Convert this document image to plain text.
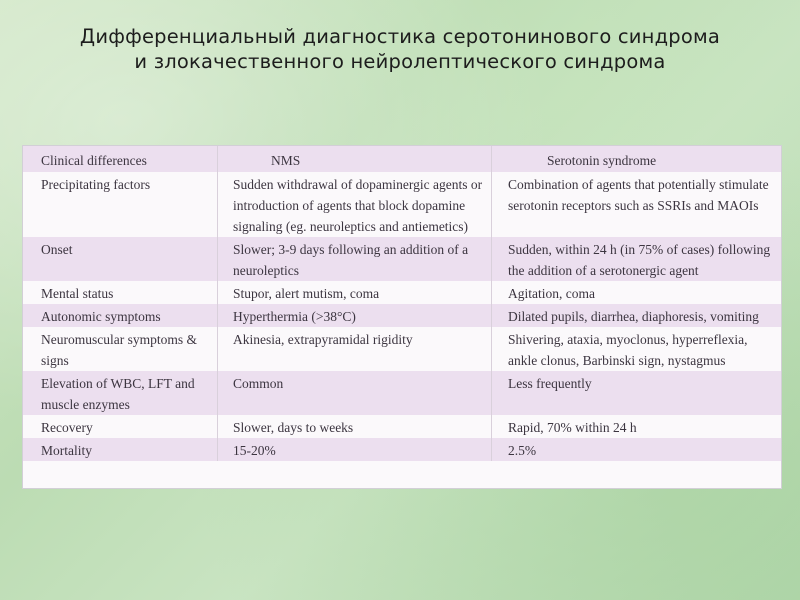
Дифференциальный диагностика серотонинового синдрома
и злокачественного нейролептического синдрома
Clinical differences	NMS	Serotonin syndrome
Precipitating factors	Sudden withdrawal of dopaminergic agents or introduction of agents that block dopamine signaling (eg. neuroleptics and antiemetics)	Combination of agents that potentially stimulate serotonin receptors such as SSRIs and MAOIs
Onset	Slower; 3-9 days following an addition of a neuroleptics	Sudden, within 24 h (in 75% of cases) following the addition of a serotonergic agent
Mental status	Stupor, alert mutism, coma	Agitation, coma
Autonomic symptoms	Hyperthermia (>38°C)	Dilated pupils, diarrhea, diaphoresis, vomiting
Neuromuscular symptoms & signs	Akinesia, extrapyramidal rigidity	Shivering, ataxia, myoclonus, hyperreflexia, ankle clonus, Barbinski sign, nystagmus
Elevation of WBC, LFT and muscle enzymes	Common	Less frequently
Recovery	Slower, days to weeks	Rapid, 70% within 24 h
Mortality	15-20%	2.5%
